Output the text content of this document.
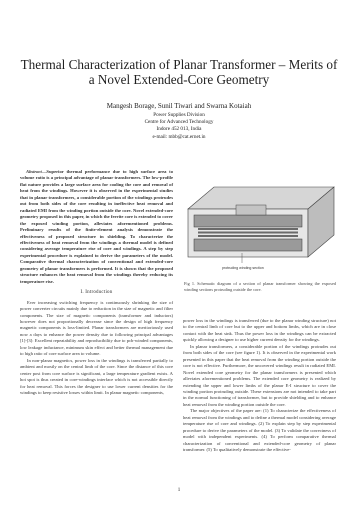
Thermal Characterization of Planar Transformer – Merits of a Novel Extended-Core Geometry
Mangesh Borage, Sunil Tiwari and Swarna Kotaiah
Power Supplies Division
Centre for Advanced Technology
Indore 452 013, India
e-mail: mbb@cat.ernet.in
Abstract—Superior thermal performance due to high surface area to volume ratio is a principal advantage of planar transformers. The low-profile flat nature provides a large surface area for cooling the core and removal of heat from the windings. However it is observed in the experimental studies that in planar transformers, a considerable portion of the windings protrudes out from both sides of the core resulting in ineffective heat removal and radiated EMI from the winding portion outside the core. Novel extended-core geometry proposed in this paper, in which the ferrite core is extended to cover the exposed winding portion, alleviates aforementioned problems. Preliminary results of the finite-element analysis demonstrate the effectiveness of proposed structure in shielding. To characterize the effectiveness of heat removal from the windings a thermal model is defined considering average temperature rise of core and windings. A step by step experimental procedure is explained to derive the parameters of the model. Comparative thermal characterization of conventional and extended-core geometry of planar transformers is performed. It is shown that the proposed structure enhances the heat removal from the windings thereby reducing its temperature rise.
I. Introduction
Ever increasing switching frequency is continuously shrinking the size of power converter circuits mainly due to reduction in the size of magnetic and filter components. The size of magnetic components (transformer and inductors) however does not proportionally decrease since the design of high frequency magnetic components is loss-limited. Planar transformers are meritoriously used now a days to enhance the power density due to following principal advantages [1]-[3]: Excellent repeatability and reproducibility due to pcb-winded components, low leakage inductance, minimum skin effect and better thermal management due to high ratio of core surface area to volume.
In non-planar magnetics, power loss in the windings is transferred partially to ambient and mostly on the central limb of the core. Since the distance of this core center post from core surface is significant, a large temperature gradient exists. A hot spot is thus created in core-windings interface which is not accessible directly for heat removal. This forces the designer to use lower current densities for the windings to keep resistive losses within limit. In planar magnetic components,
protruding winding section
Fig 1. Schematic diagram of a section of planar transformer showing the exposed winding sections protruding outside the core.
power loss in the windings is transferred (due to the planar winding structure) not to the central limb of core but to the upper and bottom limbs, which are in close contact with the heat sink. Thus the power loss in the windings can be extracted quickly allowing a designer to use higher current density for the windings.
In planar transformers, a considerable portion of the windings protrudes out from both sides of the core (see figure 1). It is observed in the experimental work presented in this paper that the heat removal from the winding portion outside the core is not effective. Furthermore, the uncovered windings result in radiated EMI. Novel extended core geometry for the planar transformers is presented which alleviates aforementioned problems. The extended core geometry is realized by extending the upper and lower limbs of the planar E-I structure to cover the winding portion protruding outside. These extensions are not intended to take part in the normal functioning of transformer, but to provide shielding and to enhance heat removal from the winding portion outside the core.
The major objectives of the paper are: (1) To characterize the effectiveness of heat removal from the windings and to define a thermal model considering average temperature rise of core and windings. (2) To explain step by step experimental procedure to derive the parameters of the model. (3) To validate the correctness of model with independent experiments. (4) To perform comparative thermal characterization of conventional and extended-core geometry of planar transformer. (5) To qualitatively demonstrate the effective-
1
